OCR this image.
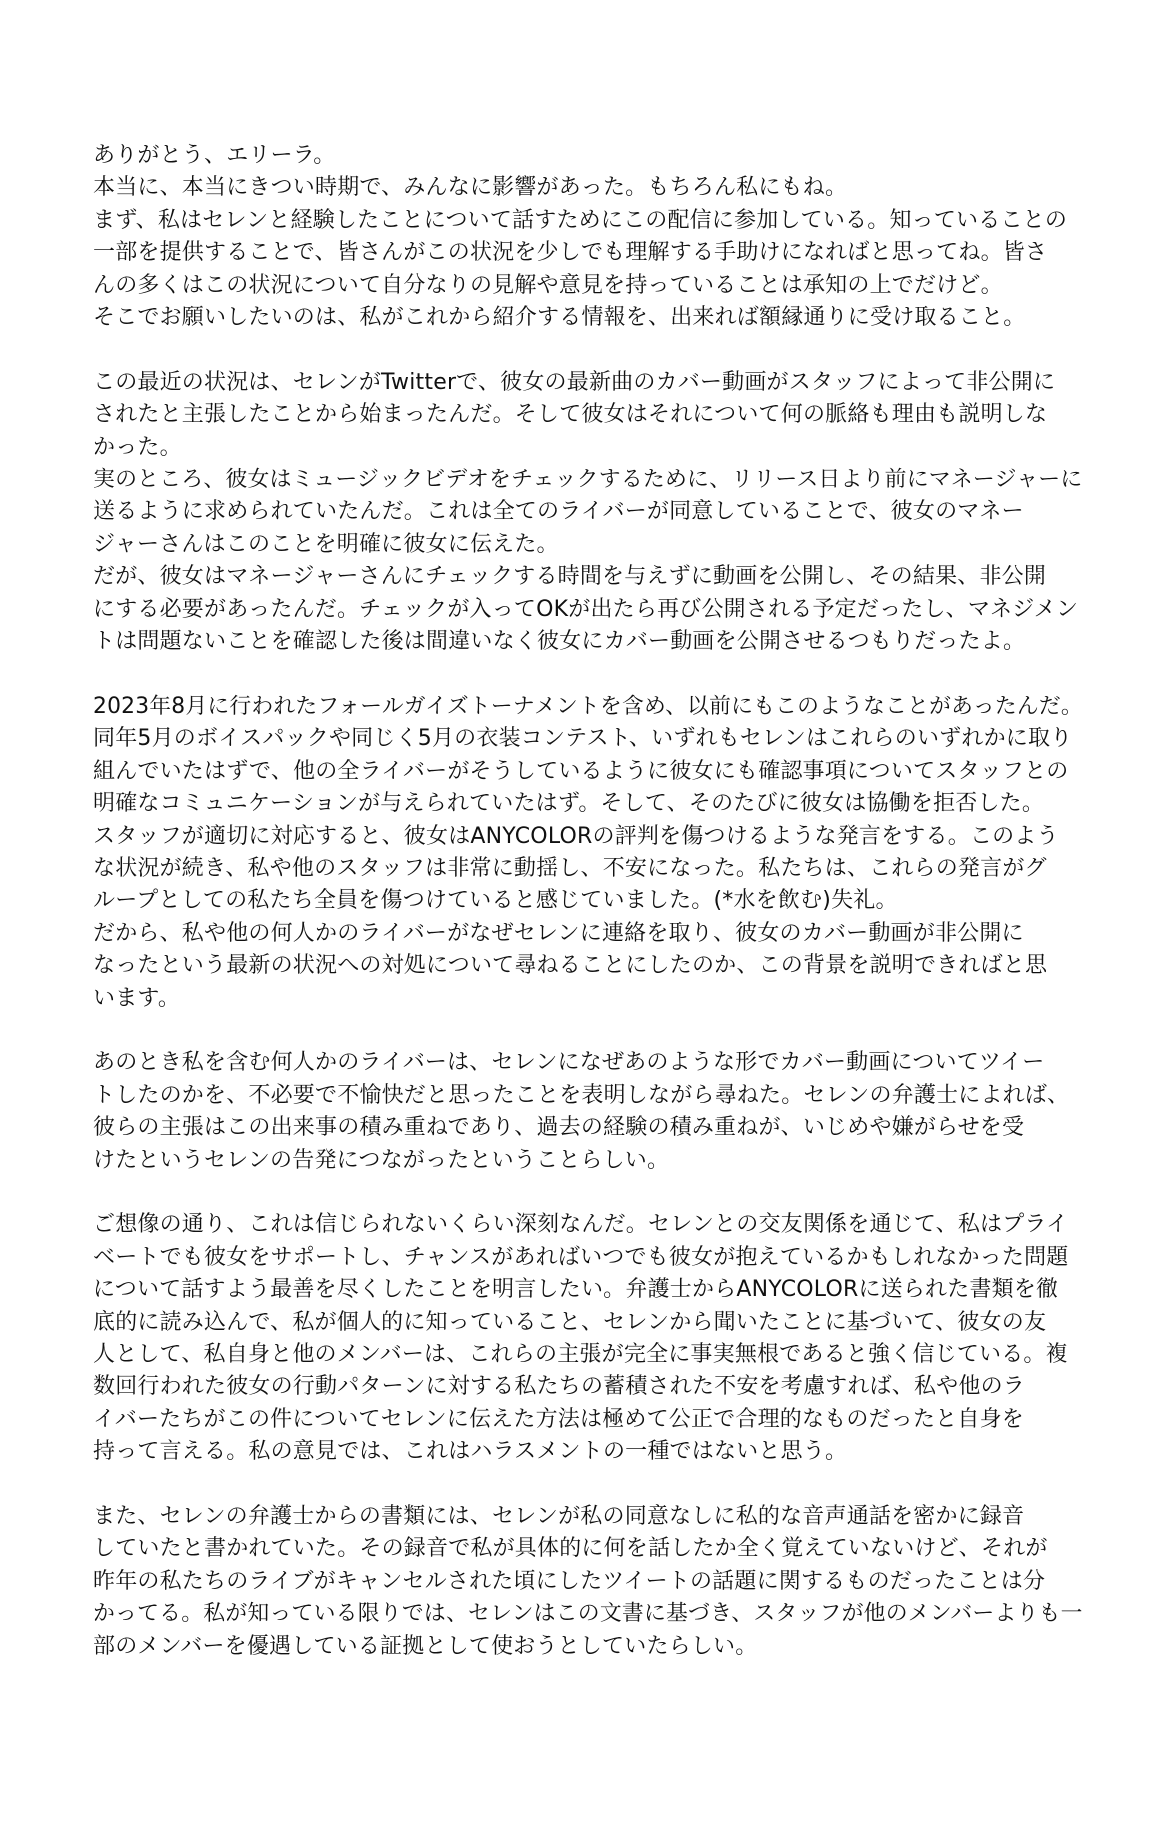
ありがとう、エリーラ。
本当に、本当にきつい時期で、みんなに影響があった。もちろん私にもね。
まず、私はセレンと経験したことについて話すためにこの配信に参加している。知っていることの
一部を提供することで、皆さんがこの状況を少しでも理解する手助けになればと思ってね。皆さ
んの多くはこの状況について自分なりの見解や意見を持っていることは承知の上でだけど。
そこでお願いしたいのは、私がこれから紹介する情報を、出来れば額縁通りに受け取ること。
この最近の状況は、セレンがTwitterで、彼女の最新曲のカバー動画がスタッフによって非公開に
されたと主張したことから始まったんだ。そして彼女はそれについて何の脈絡も理由も説明しな
かった。
実のところ、彼女はミュージックビデオをチェックするために、リリース日より前にマネージャーに
送るように求められていたんだ。これは全てのライバーが同意していることで、彼女のマネー
ジャーさんはこのことを明確に彼女に伝えた。
だが、彼女はマネージャーさんにチェックする時間を与えずに動画を公開し、その結果、非公開
にする必要があったんだ。チェックが入ってOKが出たら再び公開される予定だったし、マネジメン
トは問題ないことを確認した後は間違いなく彼女にカバー動画を公開させるつもりだったよ。
2023年8月に行われたフォールガイズトーナメントを含め、以前にもこのようなことがあったんだ。
同年5月のボイスパックや同じく5月の衣装コンテスト、いずれもセレンはこれらのいずれかに取り
組んでいたはずで、他の全ライバーがそうしているように彼女にも確認事項についてスタッフとの
明確なコミュニケーションが与えられていたはず。そして、そのたびに彼女は協働を拒否した。
スタッフが適切に対応すると、彼女はANYCOLORの評判を傷つけるような発言をする。このよう
な状況が続き、私や他のスタッフは非常に動揺し、不安になった。私たちは、これらの発言がグ
ループとしての私たち全員を傷つけていると感じていました。(*水を飲む)失礼。
だから、私や他の何人かのライバーがなぜセレンに連絡を取り、彼女のカバー動画が非公開に
なったという最新の状況への対処について尋ねることにしたのか、この背景を説明できればと思
います。
あのとき私を含む何人かのライバーは、セレンになぜあのような形でカバー動画についてツイー
トしたのかを、不必要で不愉快だと思ったことを表明しながら尋ねた。セレンの弁護士によれば、
彼らの主張はこの出来事の積み重ねであり、過去の経験の積み重ねが、いじめや嫌がらせを受
けたというセレンの告発につながったということらしい。
ご想像の通り、これは信じられないくらい深刻なんだ。セレンとの交友関係を通じて、私はプライ
ベートでも彼女をサポートし、チャンスがあればいつでも彼女が抱えているかもしれなかった問題
について話すよう最善を尽くしたことを明言したい。弁護士からANYCOLORに送られた書類を徹
底的に読み込んで、私が個人的に知っていること、セレンから聞いたことに基づいて、彼女の友
人として、私自身と他のメンバーは、これらの主張が完全に事実無根であると強く信じている。複
数回行われた彼女の行動パターンに対する私たちの蓄積された不安を考慮すれば、私や他のラ
イバーたちがこの件についてセレンに伝えた方法は極めて公正で合理的なものだったと自身を
持って言える。私の意見では、これはハラスメントの一種ではないと思う。
また、セレンの弁護士からの書類には、セレンが私の同意なしに私的な音声通話を密かに録音
していたと書かれていた。その録音で私が具体的に何を話したか全く覚えていないけど、それが
昨年の私たちのライブがキャンセルされた頃にしたツイートの話題に関するものだったことは分
かってる。私が知っている限りでは、セレンはこの文書に基づき、スタッフが他のメンバーよりも一
部のメンバーを優遇している証拠として使おうとしていたらしい。
